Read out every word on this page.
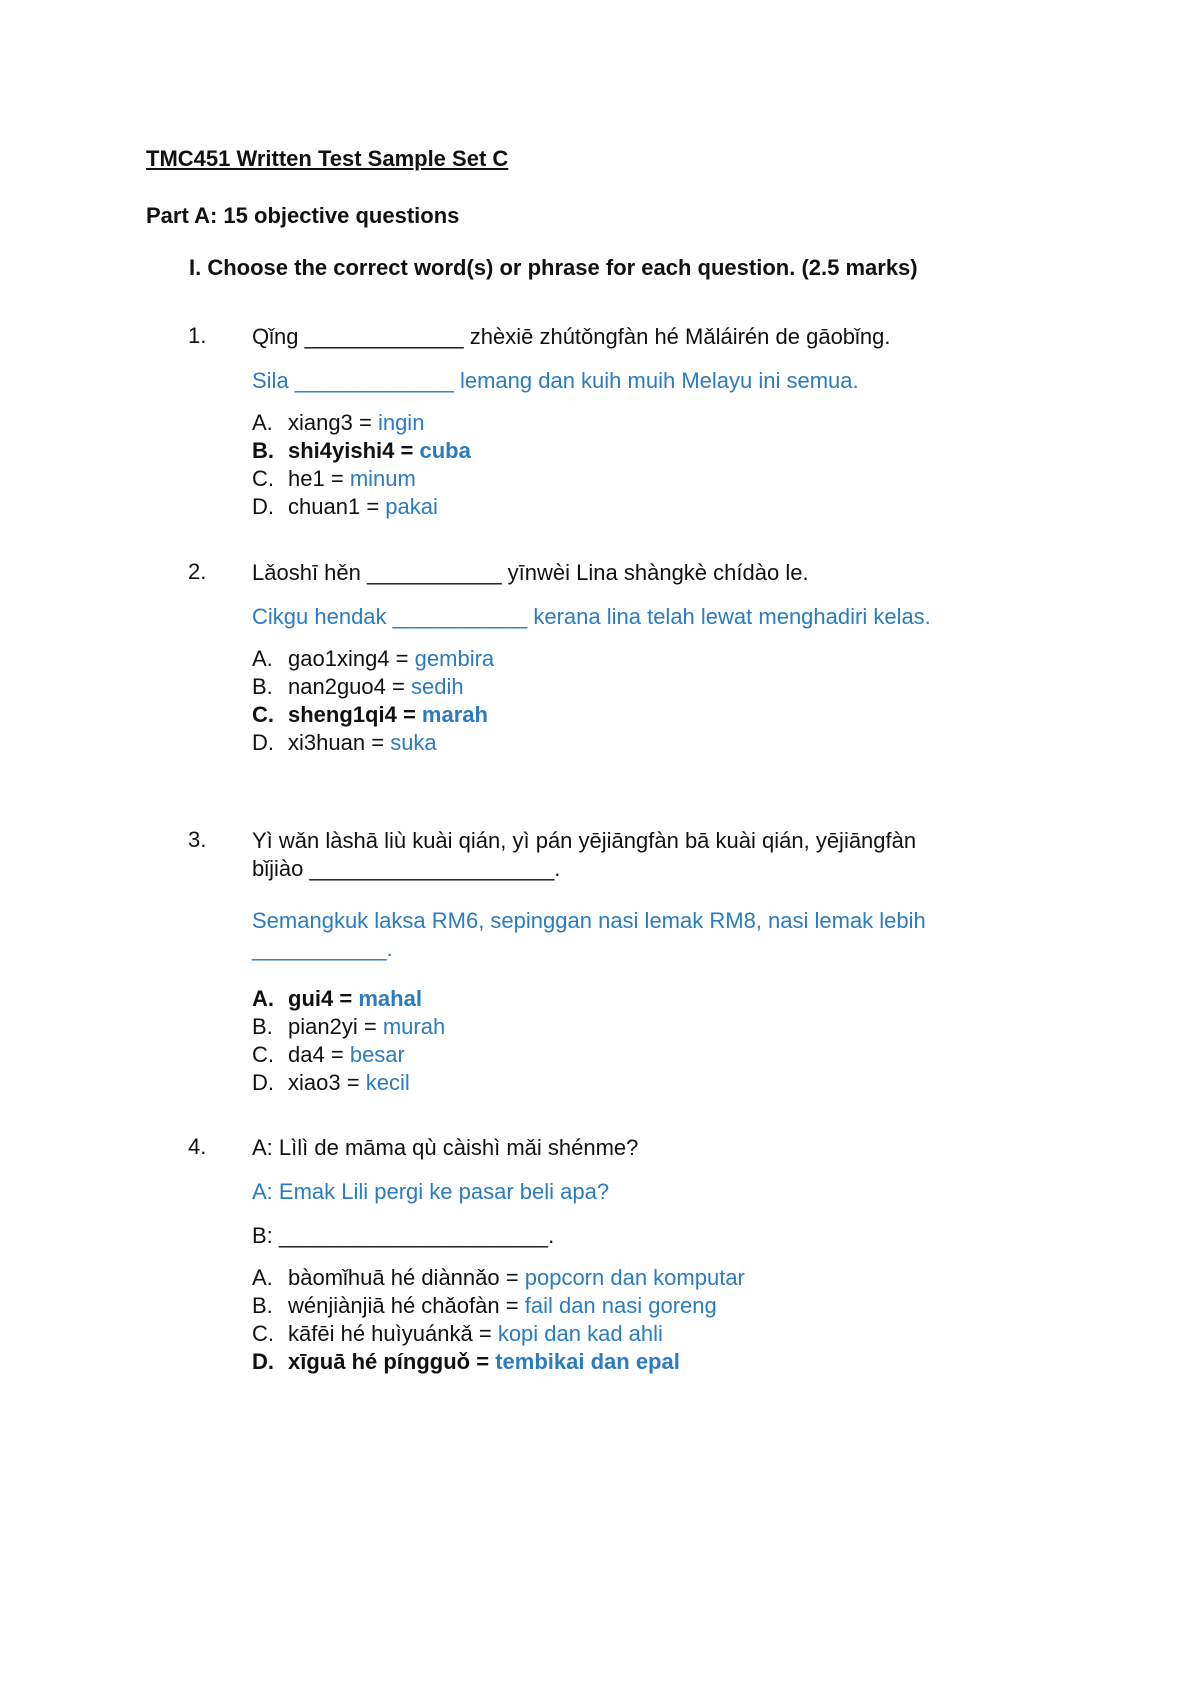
TMC451 Written Test Sample Set C
Part A: 15 objective questions
I. Choose the correct word(s) or phrase for each question. (2.5 marks)
1. Qǐng _____________ zhèxiē zhútǒngfàn hé Mǎláirén de gāobǐng.
Sila _____________ lemang dan kuih muih Melayu ini semua.
A. xiang3 = ingin
B. shi4yishi4 = cuba
C. he1 = minum
D. chuan1 = pakai
2. Lǎoshī hěn ___________ yīnwèi Lina shàngkè chídào le.
Cikgu hendak ___________ kerana lina telah lewat menghadiri kelas.
A. gao1xing4 = gembira
B. nan2guo4 = sedih
C. sheng1qi4 = marah
D. xi3huan = suka
3. Yì wǎn làshā liù kuài qián, yì pán yējiāngfàn bā kuài qián, yējiāngfàn
bǐjiào ____________________.
Semangkuk laksa RM6, sepinggan nasi lemak RM8, nasi lemak lebih
___________.
A. gui4 = mahal
B. pian2yi = murah
C. da4 = besar
D. xiao3 = kecil
4. A: Lìlì de māma qù càishì mǎi shénme?
A: Emak Lili pergi ke pasar beli apa?
B: ______________________.
A. bàomǐhuā hé diànnǎo = popcorn dan komputar
B. wénjiànjiā hé chǎofàn = fail dan nasi goreng
C. kāfēi hé huìyuánkǎ = kopi dan kad ahli
D. xīguā hé píngguǒ = tembikai dan epal
